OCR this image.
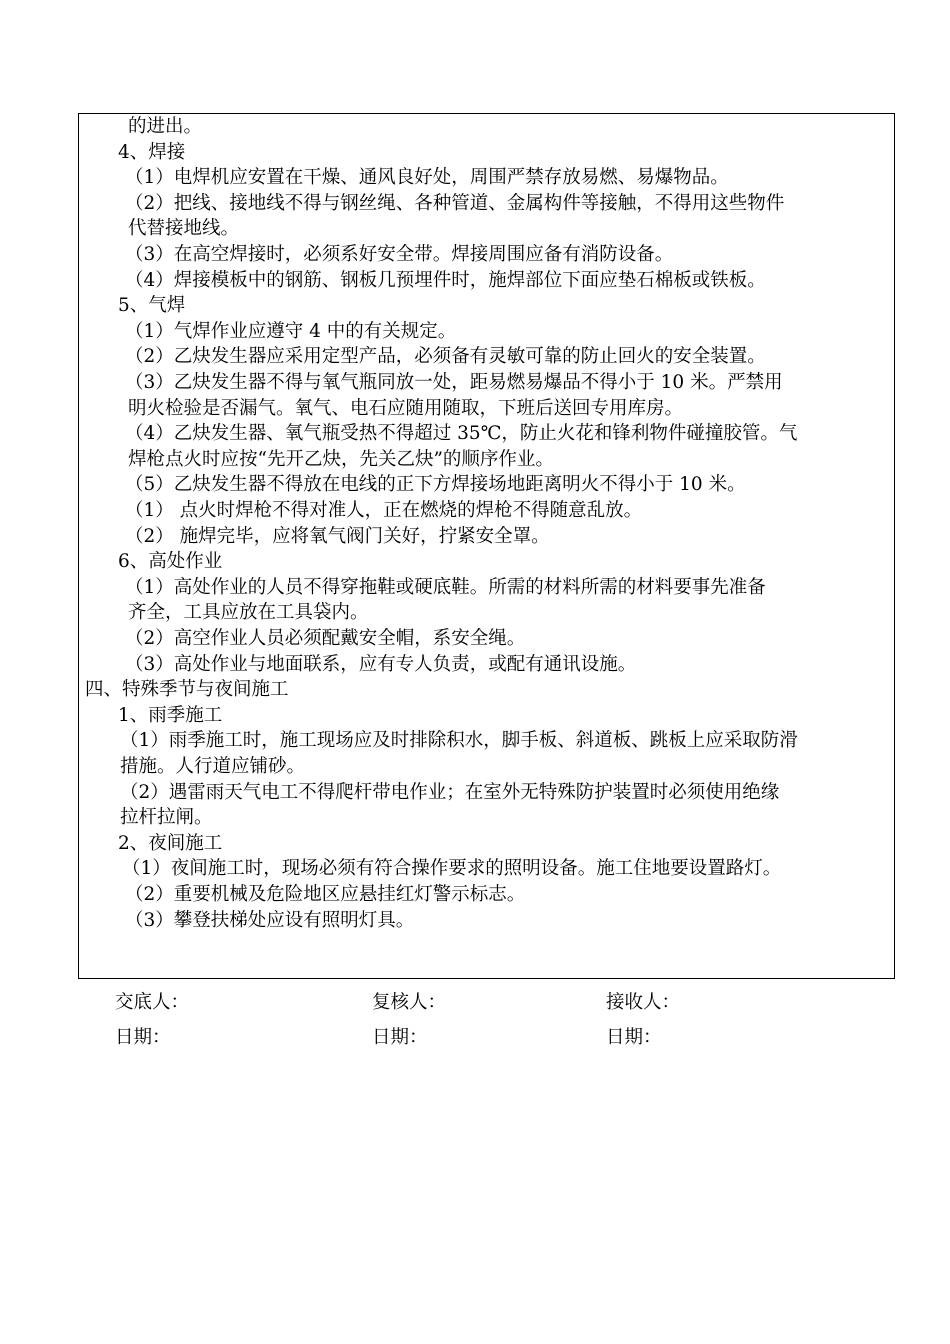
的进出。
4、焊接
（1）电焊机应安置在干燥、通风良好处，周围严禁存放易燃、易爆物品。
（2）把线、接地线不得与钢丝绳、各种管道、金属构件等接触，不得用这些物件
代替接地线。
（3）在高空焊接时，必须系好安全带。焊接周围应备有消防设备。
（4）焊接模板中的钢筋、钢板几预埋件时，施焊部位下面应垫石棉板或铁板。
5、气焊
（1）气焊作业应遵守 4 中的有关规定。
（2）乙炔发生器应采用定型产品，必须备有灵敏可靠的防止回火的安全装置。
（3）乙炔发生器不得与氧气瓶同放一处，距易燃易爆品不得小于 10 米。严禁用
明火检验是否漏气。氧气、电石应随用随取，下班后送回专用库房。
（4）乙炔发生器、氧气瓶受热不得超过 35℃，防止火花和锋利物件碰撞胶管。气
焊枪点火时应按“先开乙炔，先关乙炔”的顺序作业。
（5）乙炔发生器不得放在电线的正下方焊接场地距离明火不得小于 10 米。
（1） 点火时焊枪不得对准人，正在燃烧的焊枪不得随意乱放。
（2） 施焊完毕，应将氧气阀门关好，拧紧安全罩。
6、高处作业
（1）高处作业的人员不得穿拖鞋或硬底鞋。所需的材料所需的材料要事先准备
齐全，工具应放在工具袋内。
（2）高空作业人员必须配戴安全帽，系安全绳。
（3）高处作业与地面联系，应有专人负责，或配有通讯设施。
四、特殊季节与夜间施工
1、雨季施工
（1）雨季施工时，施工现场应及时排除积水，脚手板、斜道板、跳板上应采取防滑
措施。人行道应铺砂。
（2）遇雷雨天气电工不得爬杆带电作业；在室外无特殊防护装置时必须使用绝缘
拉杆拉闸。
2、夜间施工
（1）夜间施工时，现场必须有符合操作要求的照明设备。施工住地要设置路灯。
（2）重要机械及危险地区应悬挂红灯警示标志。
（3）攀登扶梯处应设有照明灯具。
交底人：	复核人：	接收人：
日期：	日期：	日期：
